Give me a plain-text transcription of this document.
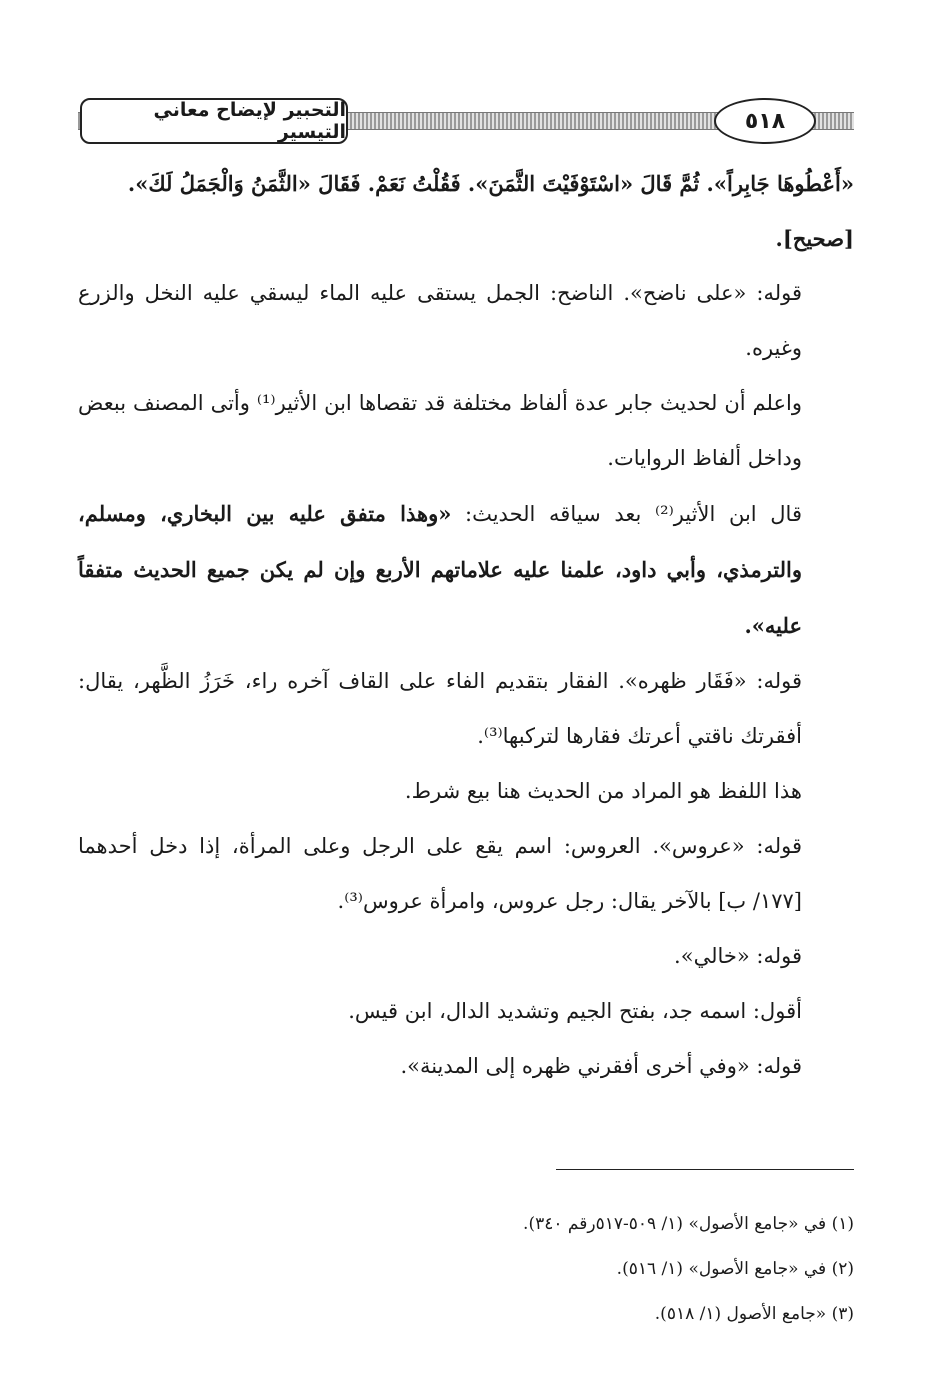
التحبير لإيضاح معاني التيسير	٥١٨

«أَعْطُوهَا جَابِراً». ثُمَّ قَالَ «اسْتَوْفَيْتَ الثَّمَنَ». فَقُلْتُ نَعَمْ. فَقَالَ «الثَّمَنُ وَالْجَمَلُ لَكَ».

[صحيح].

قوله: «على ناضح». الناضح: الجمل يستقى عليه الماء ليسقي عليه النخل والزرع وغيره.

واعلم أن لحديث جابر عدة ألفاظ مختلفة قد تقصاها ابن الأثير⁽¹⁾ وأتى المصنف ببعض وداخل ألفاظ الروايات.

قال ابن الأثير⁽²⁾ بعد سياقه الحديث: «وهذا متفق عليه بين البخاري، ومسلم، والترمذي، وأبي داود، علمنا عليه علاماتهم الأربع وإن لم يكن جميع الحديث متفقاً عليه».

قوله: «فَقَار ظهره». الفقار بتقديم الفاء على القاف آخره راء، خَرَزُ الظَّهر، يقال: أفقرتك ناقتي أعرتك فقارها لتركبها⁽³⁾.

هذا اللفظ هو المراد من الحديث هنا بيع شرط.

قوله: «عروس». العروس: اسم يقع على الرجل وعلى المرأة، إذا دخل أحدهما [١٧٧/ ب] بالآخر يقال: رجل عروس، وامرأة عروس⁽³⁾.

قوله: «خالي».

أقول: اسمه جد، بفتح الجيم وتشديد الدال، ابن قيس.

قوله: «وفي أخرى أفقرني ظهره إلى المدينة».

(١) في «جامع الأصول» (١/ ٥٠٩-٥١٧رقم ٣٤٠).

(٢) في «جامع الأصول» (١/ ٥١٦).

(٣) «جامع الأصول (١/ ٥١٨).
